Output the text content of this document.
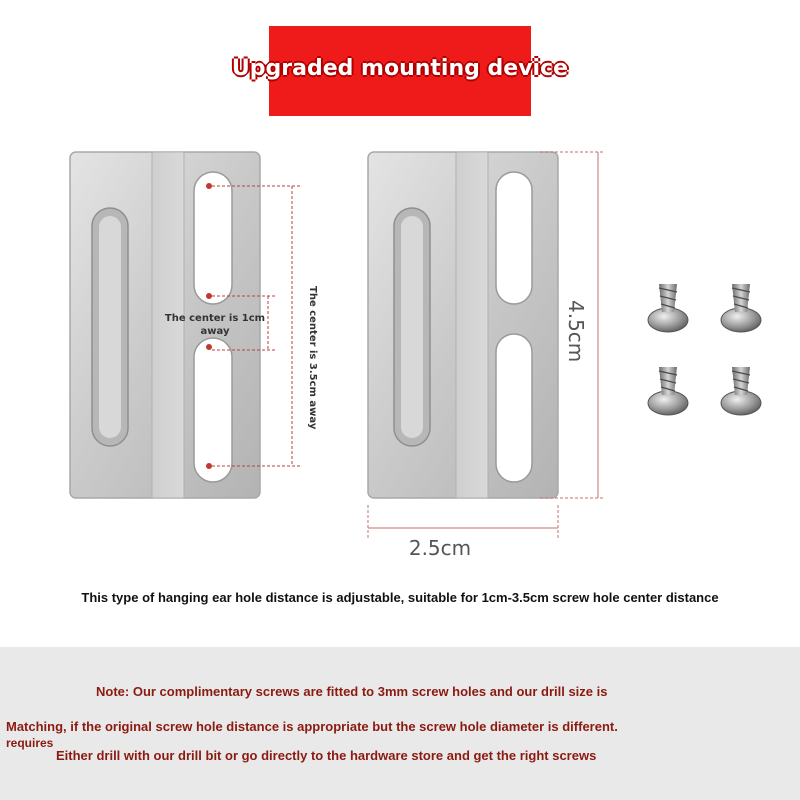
Upgraded mounting device
The center is 1cm away	The center is 3.5cm away	4.5cm
2.5cm
This type of hanging ear hole distance is adjustable, suitable for 1cm-3.5cm screw hole center distance
Note: Our complimentary screws are fitted to 3mm screw holes and our drill size is
Matching, if the original screw hole distance is appropriate but the screw hole diameter is different.
requires
Either drill with our drill bit or go directly to the hardware store and get the right screws
